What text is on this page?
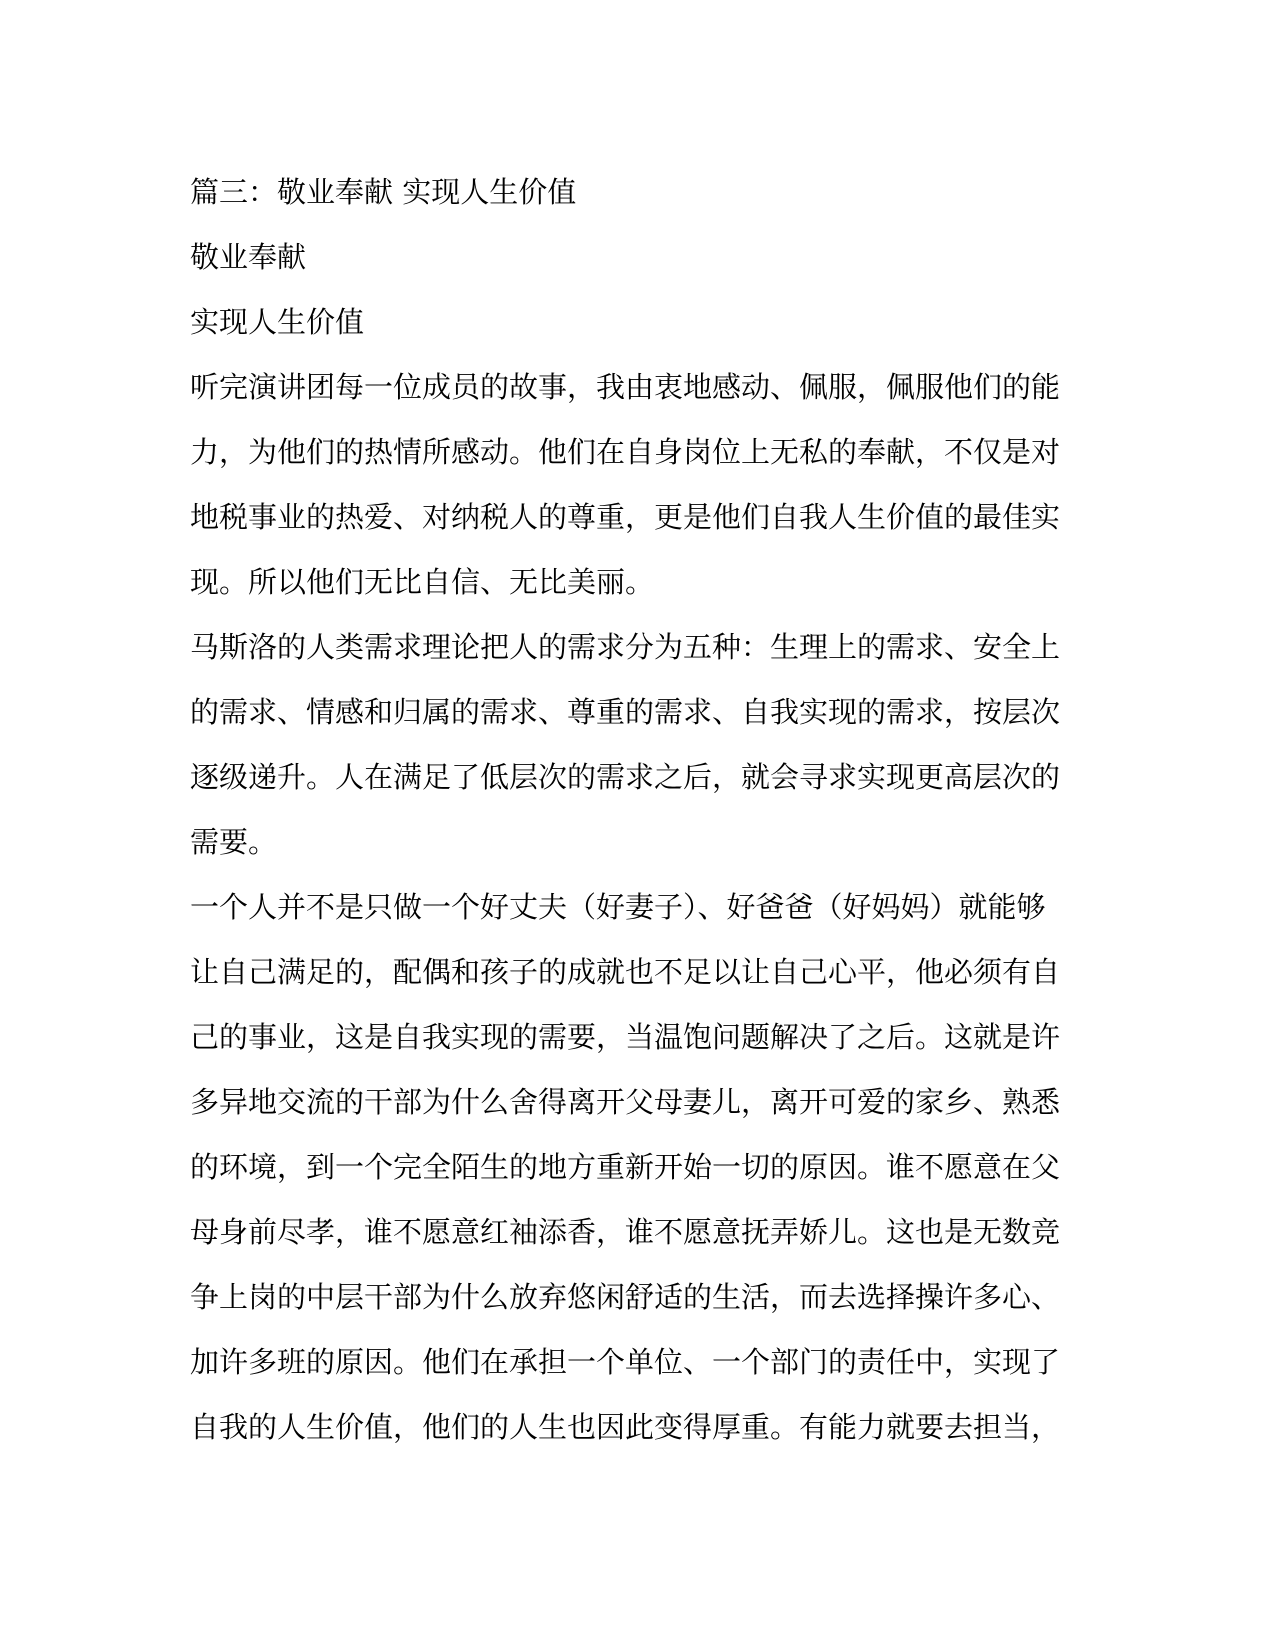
篇三：敬业奉献 实现人生价值
敬业奉献
实现人生价值
听完演讲团每一位成员的故事，我由衷地感动、佩服，佩服他们的能
力，为他们的热情所感动。他们在自身岗位上无私的奉献，不仅是对
地税事业的热爱、对纳税人的尊重，更是他们自我人生价值的最佳实
现。所以他们无比自信、无比美丽。
马斯洛的人类需求理论把人的需求分为五种：生理上的需求、安全上
的需求、情感和归属的需求、尊重的需求、自我实现的需求，按层次
逐级递升。人在满足了低层次的需求之后，就会寻求实现更高层次的
需要。
一个人并不是只做一个好丈夫（好妻子）、好爸爸（好妈妈）就能够
让自己满足的，配偶和孩子的成就也不足以让自己心平，他必须有自
己的事业，这是自我实现的需要，当温饱问题解决了之后。这就是许
多异地交流的干部为什么舍得离开父母妻儿，离开可爱的家乡、熟悉
的环境，到一个完全陌生的地方重新开始一切的原因。谁不愿意在父
母身前尽孝，谁不愿意红袖添香，谁不愿意抚弄娇儿。这也是无数竞
争上岗的中层干部为什么放弃悠闲舒适的生活，而去选择操许多心、
加许多班的原因。他们在承担一个单位、一个部门的责任中，实现了
自我的人生价值，他们的人生也因此变得厚重。有能力就要去担当，
